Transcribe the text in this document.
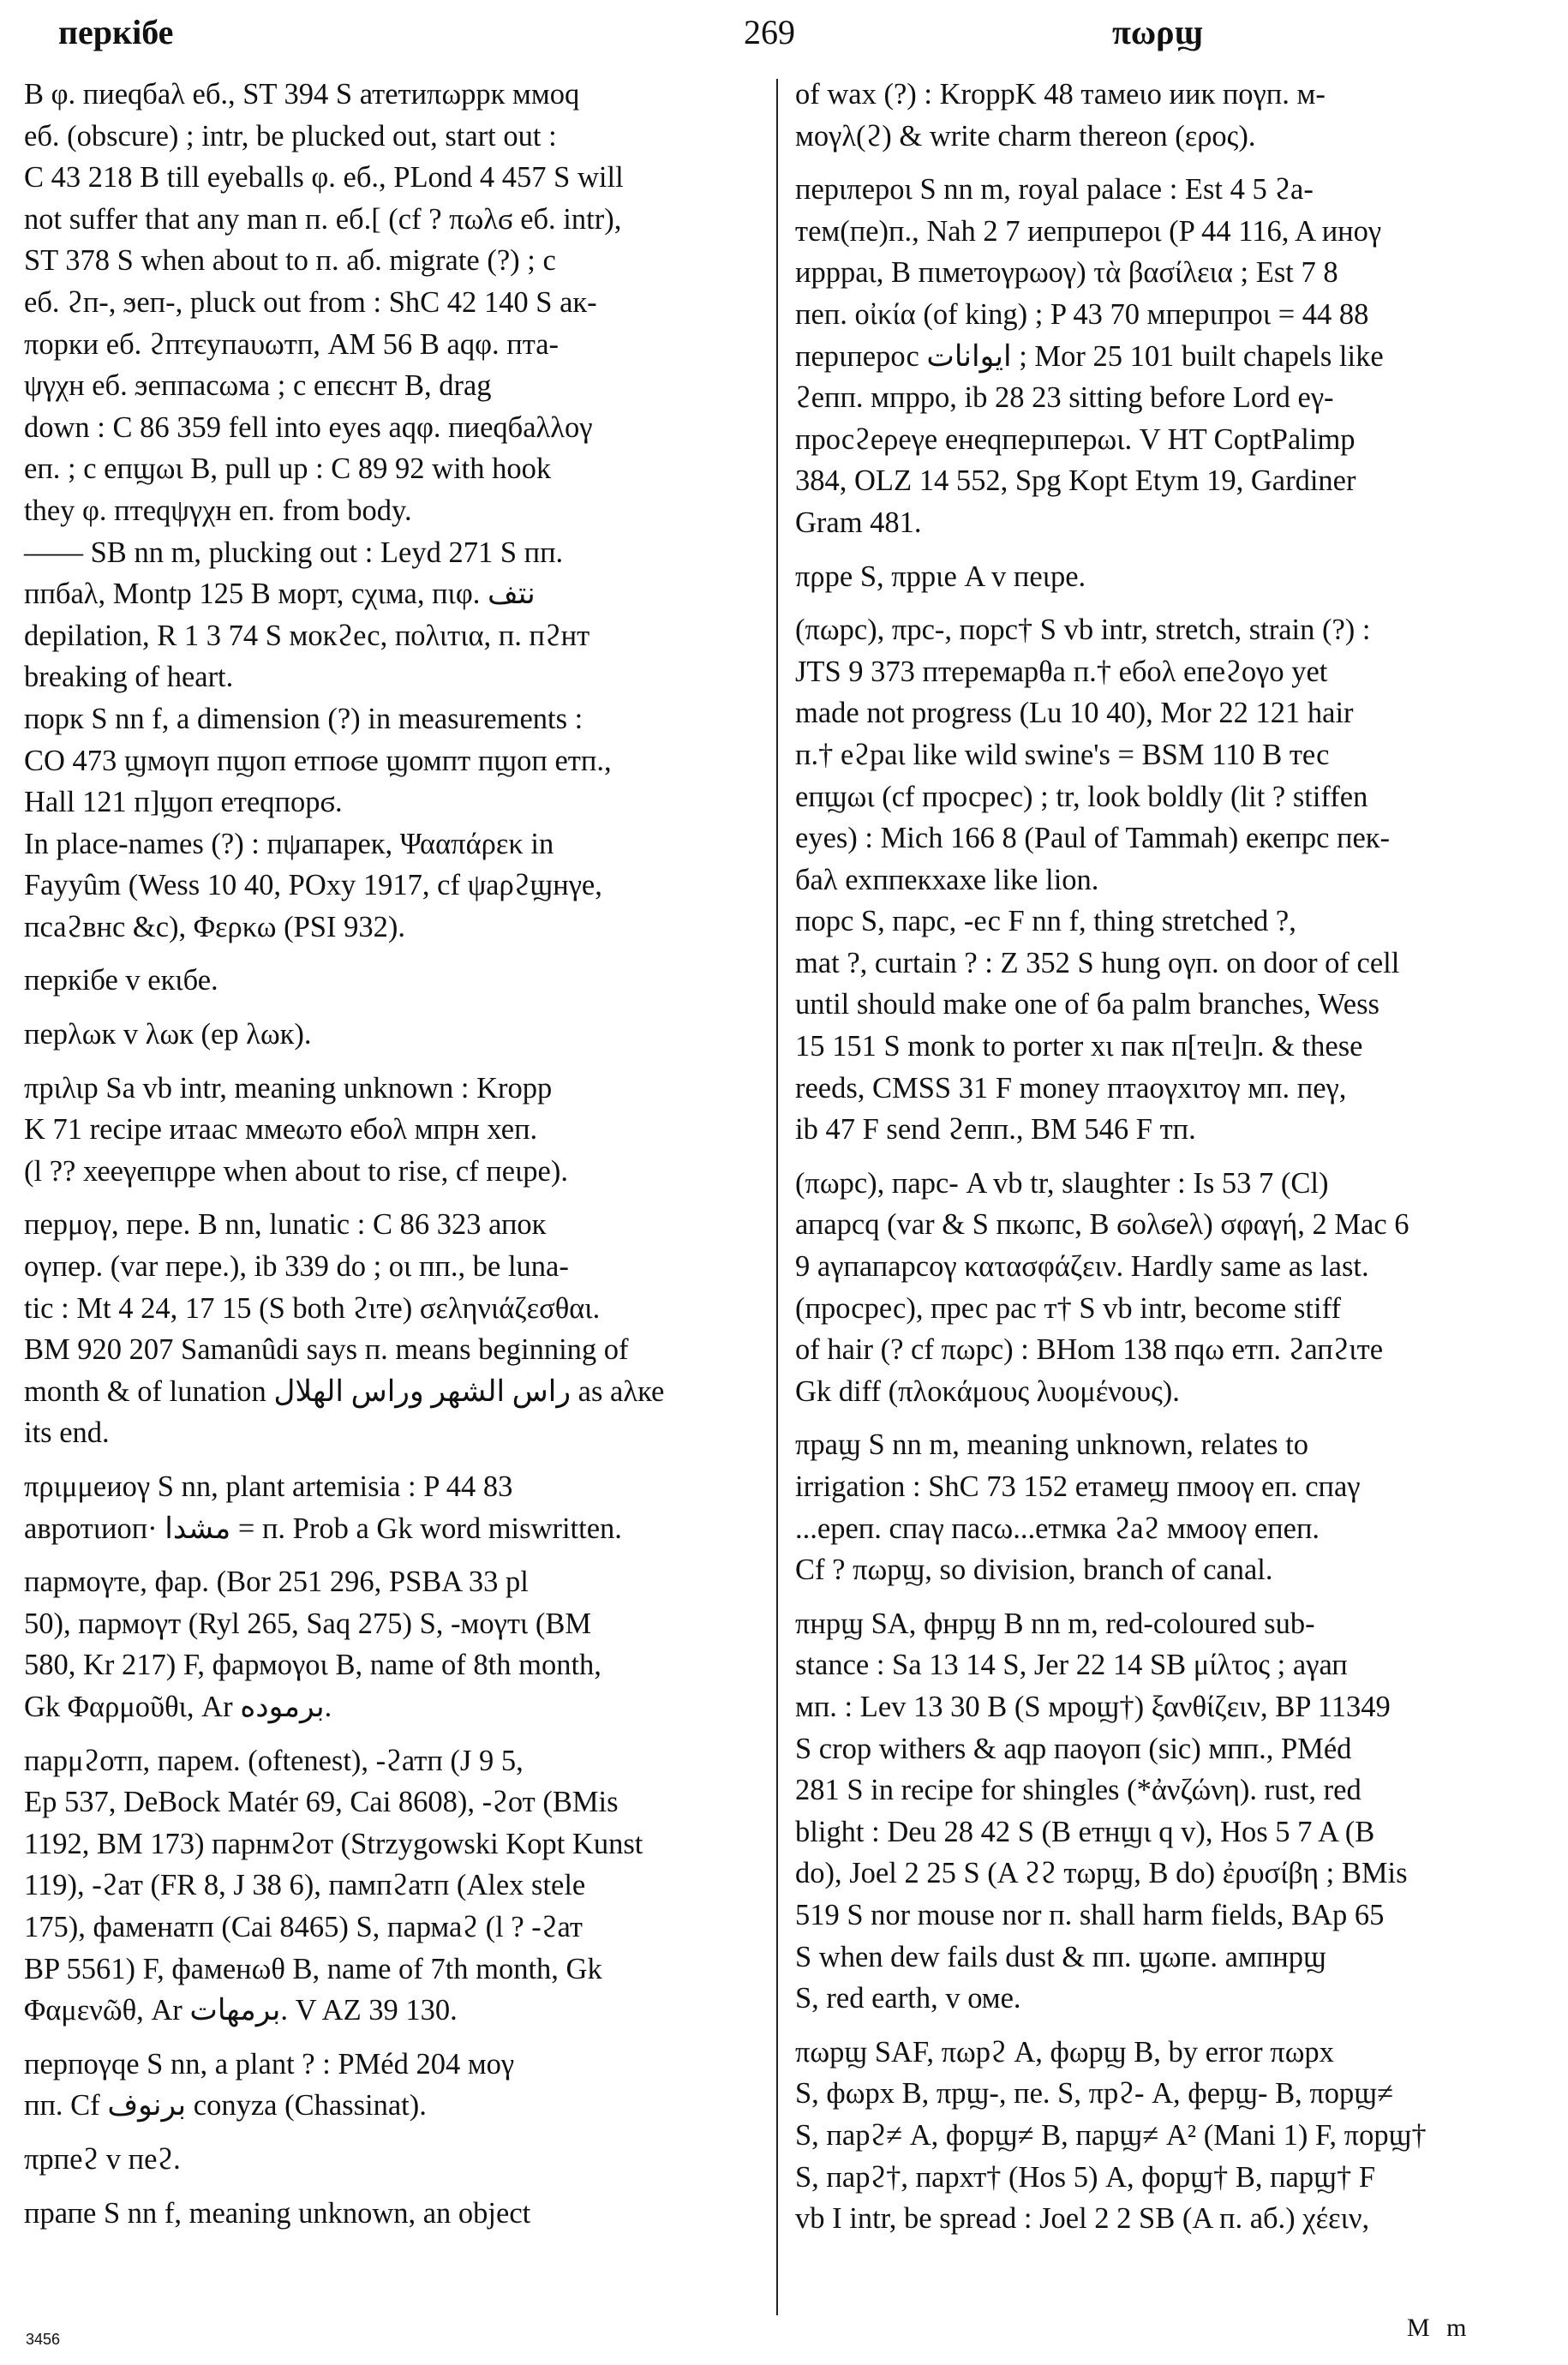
перкібе	269	πωρϣ
B φ. пиеqбаλ еб., ST 394 S атетиπωррк ммоq
еб. (obscure) ; intr, be plucked out, start out :
C 43 218 B till eyeballs φ. еб., PLond 4 457 S will
not suffer that any man п. еб.[ (cf ? πωλϭ еб. intr),
ST 378 S when about to п. аб. migrate (?) ; с
еб. ϩп-, ϧеп-, pluck out from : ShC 42 140 S ак-
πорки еб. ϩптєупаυωтп, AM 56 B аqφ. пта-
ψγχн еб. ϧеппасωма ; с епєснт B, drag
down : C 86 359 fell into eyes аqφ. пиеqбаλλоγ
еп. ; с епϣωι B, pull up : C 89 92 with hook
they φ. птеqψγχн еп. from body.
—— SB nn m, plucking out : Leyd 271 S пп.
ппбаλ, Montp 125 B морт, сχιма, пιφ. نتف
depilation, R 1 3 74 S мокϩес, поλιтια, п. пϩнт
breaking of heart.
порк S nn f, a dimension (?) in measurements :
CO 473 ϣмоγп пϣоп етпоϭе ϣомпт пϣоп етп.,
Hall 121 п]ϣоп етеqпорϭ.
In place-names (?) : пψапарек, Ψααπάρεκ in
Fayyûm (Wess 10 40, POxy 1917, cf ψаρϩϣнγе,
псаϩвнс &c), Φερκω (PSI 932).
перкібе v екιбе.
перλωк v λωк (ер λωк).
πрιλιр Sa vb intr, meaning unknown : Kropp
K 71 recipe итаас ммеωто ебоλ мпрн хеп.
(l ?? хееγепιρре when about to rise, cf пеιре).
перμоγ, пере. B nn, lunatic : C 86 323 апок
оγпер. (var пере.), ib 339 do ; οι пп., be luna-
tic : Mt 4 24, 17 15 (S both ϩιте) σεληνιάζεσθαι.
BM 920 207 Samanûdi says п. means beginning of
month & of lunation راس الشهر وراس الهلال as аλке
its end.
πριμμеиоγ S nn, plant artemisia : P 44 83
авротιиоп· مشدا = п. Prob a Gk word miswritten.
пармоγте, фар. (Bor 251 296, PSBA 33 pl
50), пармоγт (Ryl 265, Saq 275) S, -моγтι (BM
580, Kr 217) F, фармоγοι B, name of 8th month,
Gk Φαρμοῦθι, Ar برموده.
парμϩотп, парем. (oftenest), -ϩатп (J 9 5,
Ep 537, DeBock Matér 69, Cai 8608), -ϩот (BMis
1192, BM 173) парнмϩот (Strzygowski Kopt Kunst
119), -ϩат (FR 8, J 38 6), пампϩатп (Alex stele
175), фаменатп (Cai 8465) S, пармаϩ (l ? -ϩат
BP 5561) F, фаменωθ B, name of 7th month, Gk
Φαμενῶθ, Ar برمهات. V AZ 39 130.
перпоγqе S nn, a plant ? : PMéd 204 моγ
пп. Cf برنوف conyza (Chassinat).
πрпеϩ v пеϩ.
прапе S nn f, meaning unknown, an object
of wax (?) : KroppK 48 тамеιо иик поγп. м-
моγλ(ϩ) & write charm thereon (ερος).
перιπерοι S nn m, royal palace : Est 4 5 ϩа-
тем(пе)п., Nah 2 7 иепрιперοι (P 44 116, A иноγ
иррраι, B пιметоγрωоγ) τὰ βασίλεια ; Est 7 8
пеп. οἰκία (of king) ; P 43 70 мперιпрοι = 44 88
перιперос ايوانات ; Mor 25 101 built chapels like
ϩепп. мпрро, ib 28 23 sitting before Lord еγ-
просϩеρеγе енеqперιперωι. V HT CoptPalimp
384, OLZ 14 552, Spg Kopt Etym 19, Gardiner
Gram 481.
πρре S, πррιе A v пеιре.
(πωрс), πрс-, порс† S vb intr, stretch, strain (?) :
JTS 9 373 птеремарθа п.† ебоλ епеϩоγо yet
made not progress (Lu 10 40), Mor 22 121 hair
п.† еϩраι like wild swine's = BSM 110 B тес
епϣωι (cf просрес) ; tr, look boldly (lit ? stiffen
eyes) : Mich 166 8 (Paul of Tammah) екепрс пек-
баλ ехппекхахе like lion.
порс S, парс, -ес F nn f, thing stretched ?,
mat ?, curtain ? : Z 352 S hung оγп. on door of cell
until should make one of ба palm branches, Wess
15 151 S monk to porter хι пак п[теι]п. & these
reeds, CMSS 31 F money птаоγхιтоγ мп. пеγ,
ib 47 F send ϩепп., BM 546 F тп.
(πωрс), парс- A vb tr, slaughter : Is 53 7 (Cl)
апарсq (var & S пкωпс, B ϭоλϭеλ) σφαγή, 2 Mac 6
9 аγпапарсоγ κατασφάζειν. Hardly same as last.
(просрес), прес рас т† S vb intr, become stiff
of hair (? cf πωрс) : BHom 138 пqω етп. ϩапϩιте
Gk diff (πλοκάμους λυομένους).
πраϣ S nn m, meaning unknown, relates to
irrigation : ShC 73 152 етамеϣ пмоoγ еп. спаγ
...ереп. спаγ пасω...етмка ϩаϩ ммоoγ епеп.
Cf ? πωрϣ, so division, branch of canal.
πнрϣ SA, фнрϣ B nn m, red-coloured sub-
stance : Sa 13 14 S, Jer 22 14 SB μίλτος ; аγап
мп. : Lev 13 30 B (S мроϣ†) ξανθίζειν, BP 11349
S crop withers & аqр паоγоп (sic) мпп., PMéd
281 S in recipe for shingles (*ἀνζώνη). rust, red
blight : Deu 28 42 S (B етнϣι q v), Hos 5 7 A (B
do), Joel 2 25 S (A ϩϩ тωрϣ, B do) ἐρυσίβη ; BMis
519 S nor mouse nor п. shall harm fields, BAp 65
S when dew fails dust & пп. ϣωпе. ампнрϣ
S, red earth, v оме.
πωрϣ SAF, πωрϩ A, фωрϣ B, by error πωрх
S, фωрх B, πрϣ-, пе. S, πрϩ- A, ферϣ- B, πорϣ≠
S, парϩ≠ A, форϣ≠ B, парϣ≠ A² (Mani 1) F, πорϣ†
S, парϩ†, пархт† (Hos 5) A, форϣ† B, парϣ† F
vb I intr, be spread : Joel 2 2 SB (A п. аб.) χέειν,
3456	M m
